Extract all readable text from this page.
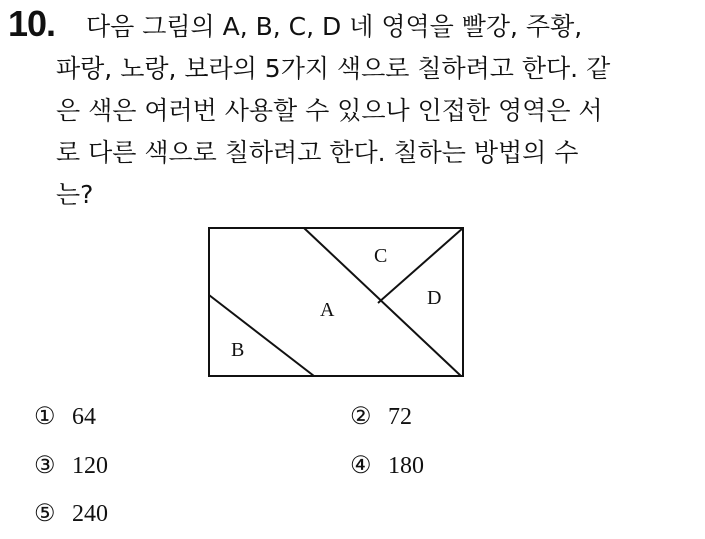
10. 다음 그림의 A, B, C, D 네 영역을 빨강, 주황,
파랑, 노랑, 보라의 5가지 색으로 칠하려고 한다. 같
은 색은 여러번 사용할 수 있으나 인접한 영역은 서
로 다른 색으로 칠하려고 한다. 칠하는 방법의 수
는?
A
B
C
D
① 64	② 72
③ 120	④ 180
⑤ 240
